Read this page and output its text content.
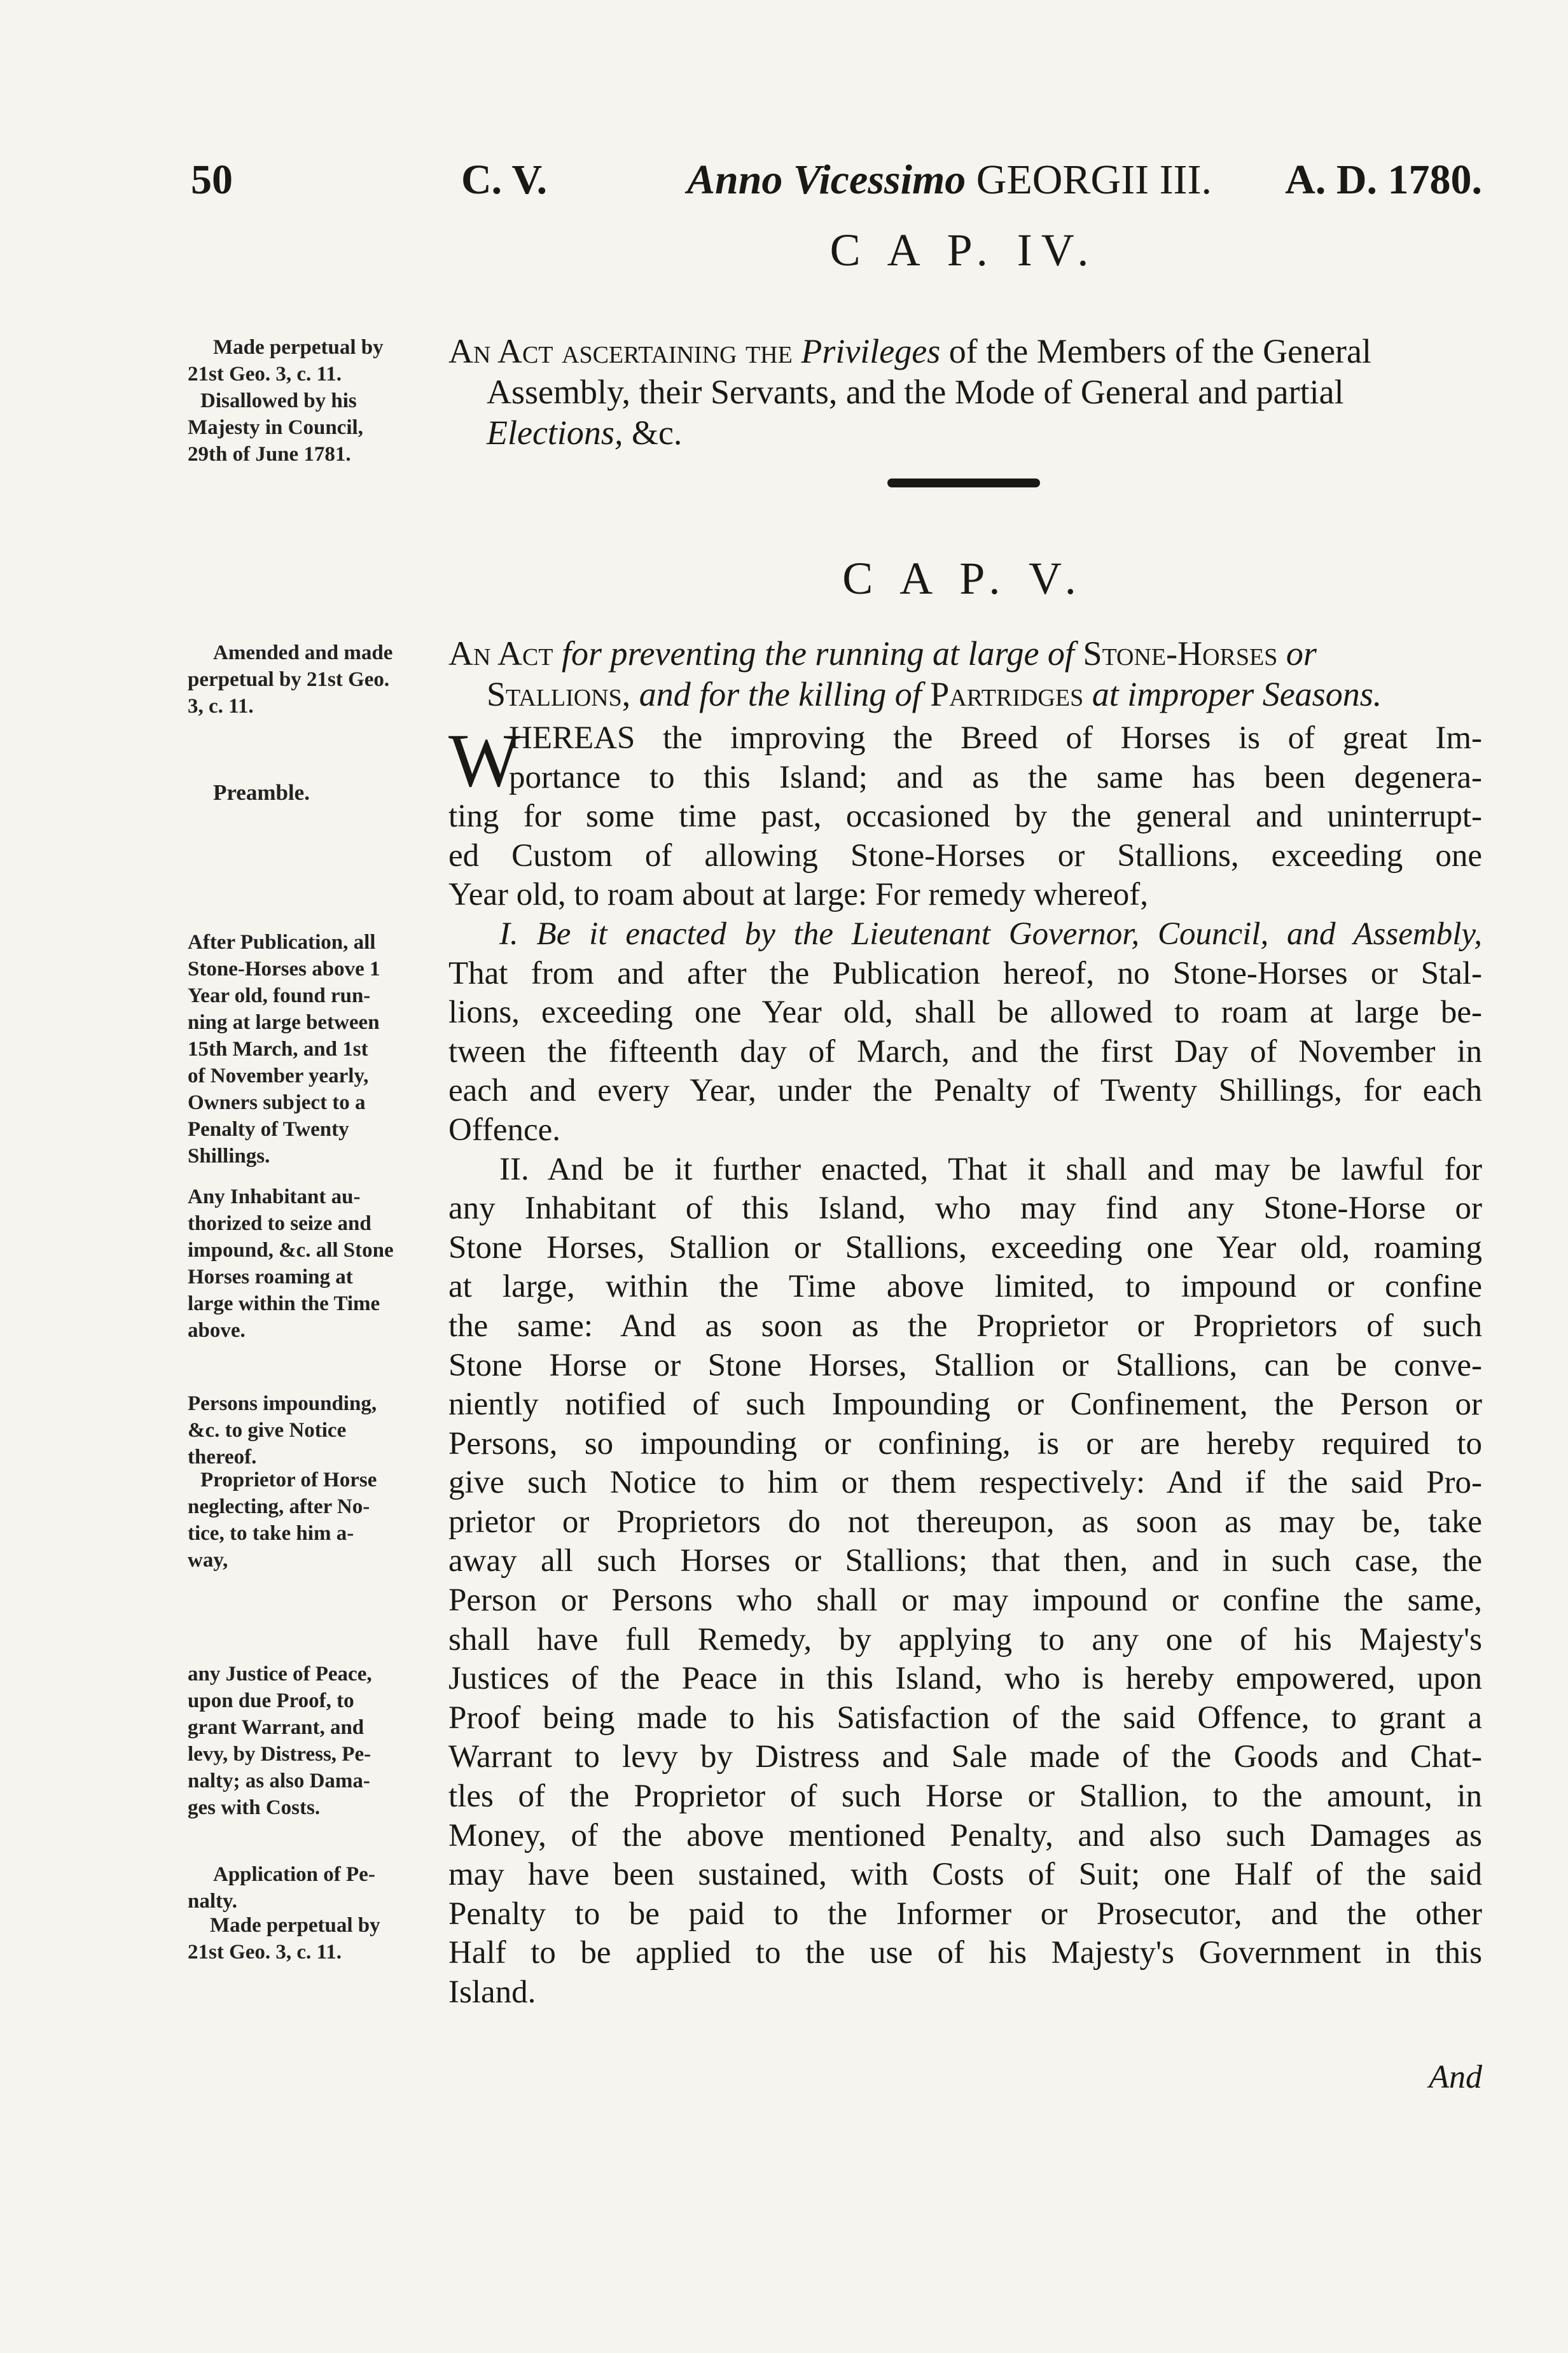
50	C. V.	Anno Vicessimo GEORGII III. A. D. 1780.
C A P. IV.
Made perpetual by
21st Geo. 3, c. 11.
Disallowed by his
Majesty in Council,
29th of June 1781.
An Act ascertaining the Privileges of the Members of the General
Assembly, their Servants, and the Mode of General and partial
Elections, &c.
C A P. V.
Amended and made
perpetual by 21st Geo.
3, c. 11.
An Act for preventing the running at large of Stone-Horses or
Stallions, and for the killing of Partridges at improper Seasons.
Preamble.
After Publication, all
Stone-Horses above 1
Year old, found run-
ning at large between
15th March, and 1st
of November yearly,
Owners subject to a
Penalty of Twenty
Shillings.
Any Inhabitant au-
thorized to seize and
impound, &c. all Stone
Horses roaming at
large within the Time
above.
Persons impounding,
&c. to give Notice
thereof.
Proprietor of Horse
neglecting, after No-
tice, to take him a-
way,
any Justice of Peace,
upon due Proof, to
grant Warrant, and
levy, by Distress, Pe-
nalty; as also Dama-
ges with Costs.
Application of Pe-
nalty.
Made perpetual by
21st Geo. 3, c. 11.
W
HEREAS the improving the Breed of Horses is of great Im-
portance to this Island; and as the same has been degenera-
ting for some time past, occasioned by the general and uninterrupt-
ed Custom of allowing Stone-Horses or Stallions, exceeding one
Year old, to roam about at large: For remedy whereof,
I. Be it enacted by the Lieutenant Governor, Council, and Assembly,
That from and after the Publication hereof, no Stone-Horses or Stal-
lions, exceeding one Year old, shall be allowed to roam at large be-
tween the fifteenth day of March, and the first Day of November in
each and every Year, under the Penalty of Twenty Shillings, for each
Offence.
II. And be it further enacted, That it shall and may be lawful for
any Inhabitant of this Island, who may find any Stone-Horse or
Stone Horses, Stallion or Stallions, exceeding one Year old, roaming
at large, within the Time above limited, to impound or confine
the same: And as soon as the Proprietor or Proprietors of such
Stone Horse or Stone Horses, Stallion or Stallions, can be conve-
niently notified of such Impounding or Confinement, the Person or
Persons, so impounding or confining, is or are hereby required to
give such Notice to him or them respectively: And if the said Pro-
prietor or Proprietors do not thereupon, as soon as may be, take
away all such Horses or Stallions; that then, and in such case, the
Person or Persons who shall or may impound or confine the same,
shall have full Remedy, by applying to any one of his Majesty's
Justices of the Peace in this Island, who is hereby empowered, upon
Proof being made to his Satisfaction of the said Offence, to grant a
Warrant to levy by Distress and Sale made of the Goods and Chat-
tles of the Proprietor of such Horse or Stallion, to the amount, in
Money, of the above mentioned Penalty, and also such Damages as
may have been sustained, with Costs of Suit; one Half of the said
Penalty to be paid to the Informer or Prosecutor, and the other
Half to be applied to the use of his Majesty's Government in this
Island.
And
